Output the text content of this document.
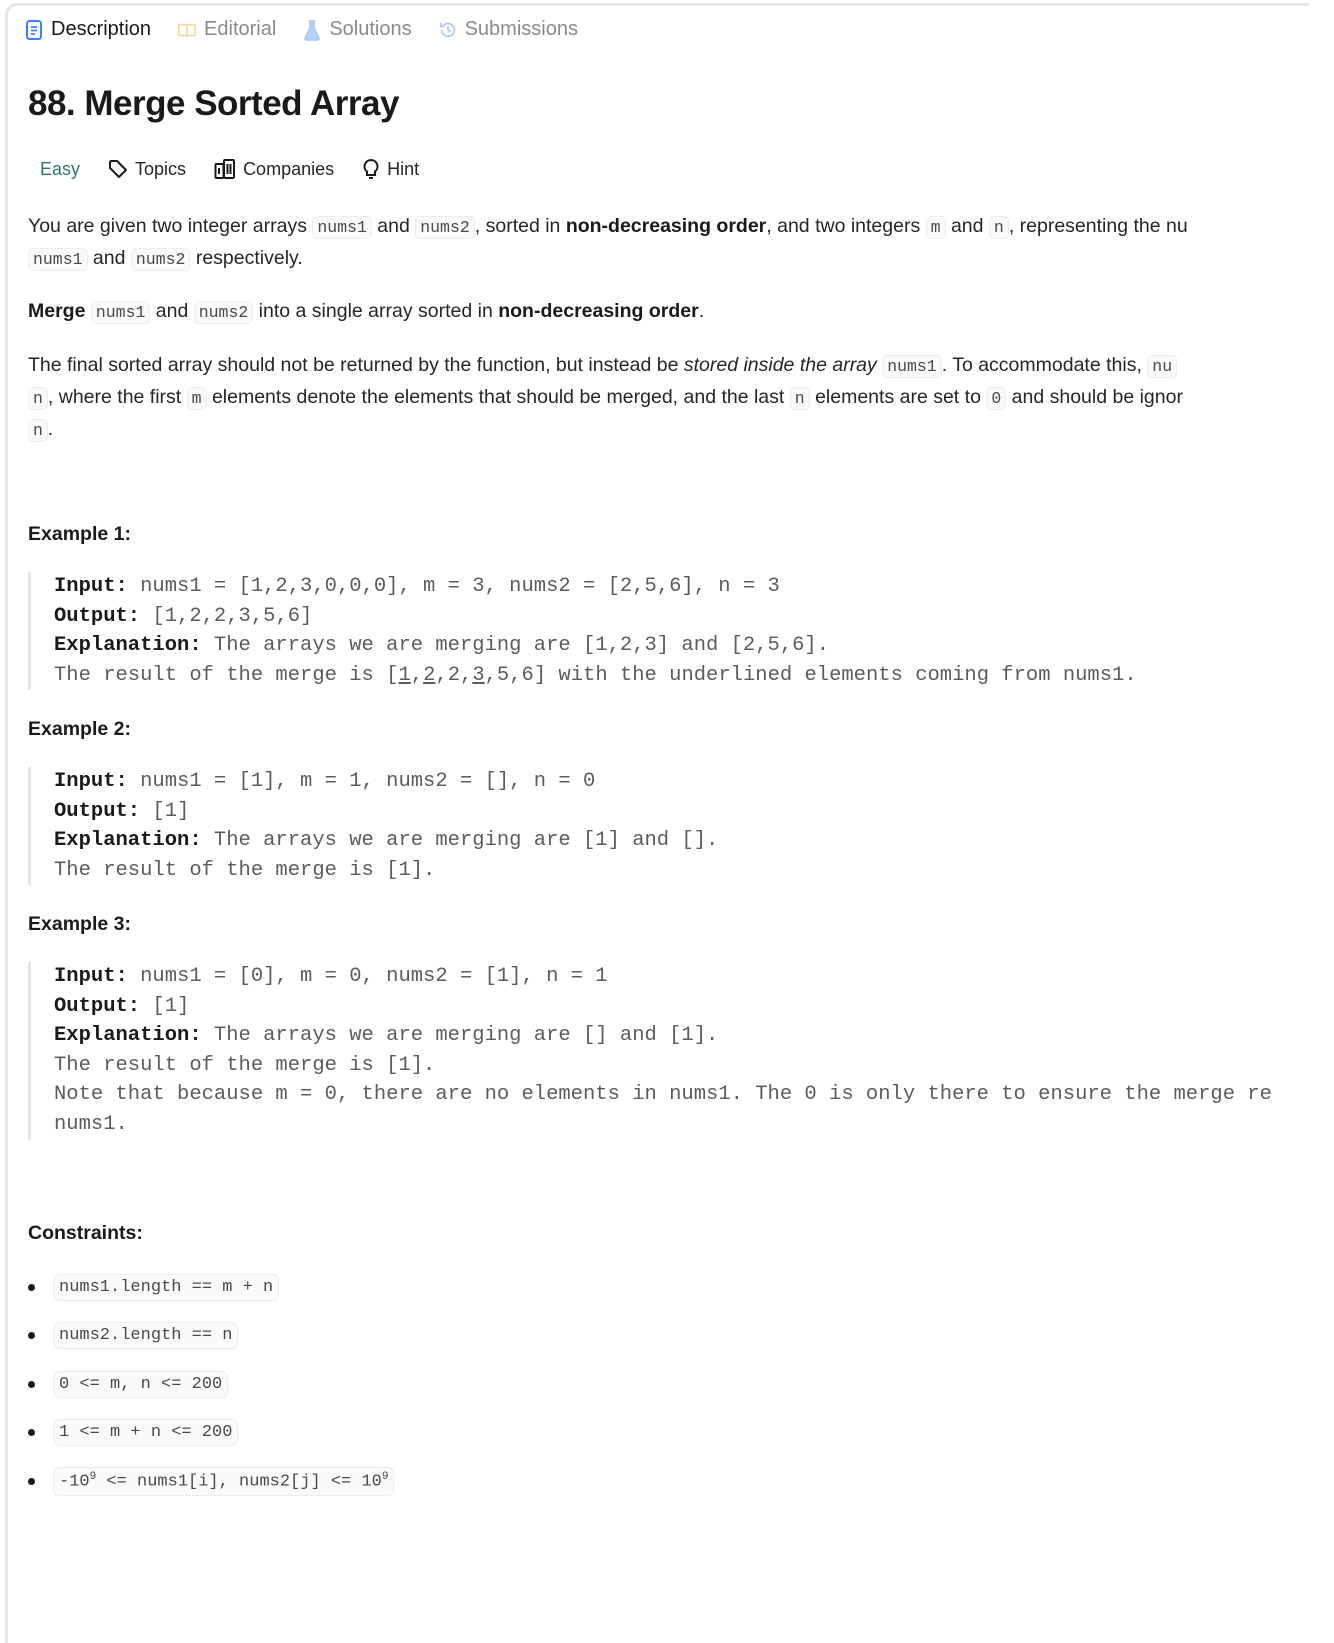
Description	Editorial	Solutions	Submissions
88. Merge Sorted Array
Easy	Topics	Companies	Hint
You are given two integer arrays nums1 and nums2 , sorted in non-decreasing order, and two integers m and n , representing the nu
nums1 and nums2 respectively.
Merge nums1 and nums2 into a single array sorted in non-decreasing order.
The final sorted array should not be returned by the function, but instead be stored inside the array nums1 . To accommodate this, nu
n , where the first m elements denote the elements that should be merged, and the last n elements are set to 0 and should be ignor
n .
Example 1:
Input: nums1 = [1,2,3,0,0,0], m = 3, nums2 = [2,5,6], n = 3
Output: [1,2,2,3,5,6]
Explanation: The arrays we are merging are [1,2,3] and [2,5,6].
The result of the merge is [1,2,2,3,5,6] with the underlined elements coming from nums1.
Example 2:
Input: nums1 = [1], m = 1, nums2 = [], n = 0
Output: [1]
Explanation: The arrays we are merging are [1] and [].
The result of the merge is [1].
Example 3:
Input: nums1 = [0], m = 0, nums2 = [1], n = 1
Output: [1]
Explanation: The arrays we are merging are [] and [1].
The result of the merge is [1].
Note that because m = 0, there are no elements in nums1. The 0 is only there to ensure the merge re
nums1.
Constraints:
nums1.length == m + n
nums2.length == n
0 <= m, n <= 200
1 <= m + n <= 200
$-10^9$ <= nums1[i], nums2[j] <= $10^9$
